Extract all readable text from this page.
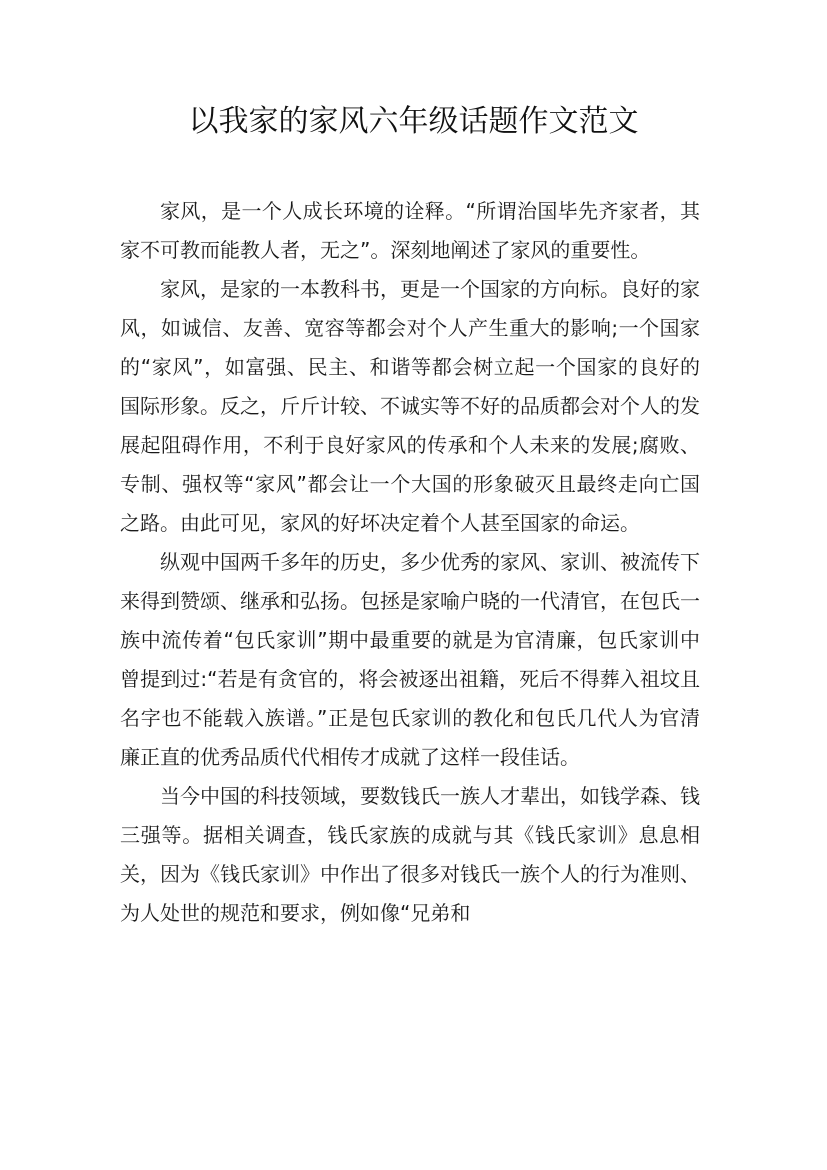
以我家的家风六年级话题作文范文

家风，是一个人成长环境的诠释。“所谓治国毕先齐家者，其家不可教而能教人者，无之”。深刻地阐述了家风的重要性。

家风，是家的一本教科书，更是一个国家的方向标。良好的家风，如诚信、友善、宽容等都会对个人产生重大的影响;一个国家的“家风”，如富强、民主、和谐等都会树立起一个国家的良好的国际形象。反之，斤斤计较、不诚实等不好的品质都会对个人的发展起阻碍作用，不利于良好家风的传承和个人未来的发展;腐败、专制、强权等“家风”都会让一个大国的形象破灭且最终走向亡国之路。由此可见，家风的好坏决定着个人甚至国家的命运。

纵观中国两千多年的历史，多少优秀的家风、家训、被流传下来得到赞颂、继承和弘扬。包拯是家喻户晓的一代清官，在包氏一族中流传着“包氏家训”期中最重要的就是为官清廉，包氏家训中曾提到过:“若是有贪官的，将会被逐出祖籍，死后不得葬入祖坟且名字也不能载入族谱。”正是包氏家训的教化和包氏几代人为官清廉正直的优秀品质代代相传才成就了这样一段佳话。

当今中国的科技领域，要数钱氏一族人才辈出，如钱学森、钱三强等。据相关调查，钱氏家族的成就与其《钱氏家训》息息相关，因为《钱氏家训》中作出了很多对钱氏一族个人的行为准则、为人处世的规范和要求，例如像“兄弟和
